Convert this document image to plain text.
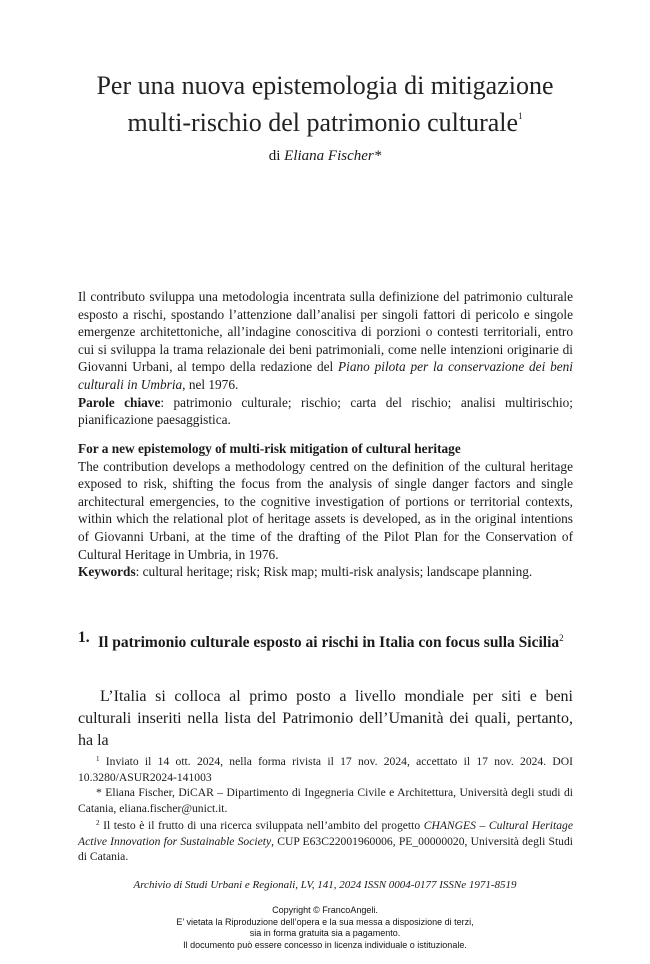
Per una nuova epistemologia di mitigazione
multi-rischio del patrimonio culturale$^1$
di Eliana Fischer*
Il contributo sviluppa una metodologia incentrata sulla definizione del patrimonio culturale esposto a rischi, spostando l’attenzione dall’analisi per singoli fattori di pericolo e singole emergenze architettoniche, all’indagine conoscitiva di porzioni o contesti territoriali, entro cui si sviluppa la trama relazionale dei beni patrimoniali, come nelle intenzioni originarie di Giovanni Urbani, al tempo della redazione del Piano pilota per la conservazione dei beni culturali in Umbria, nel 1976.
Parole chiave: patrimonio culturale; rischio; carta del rischio; analisi multirischio; pianificazione paesaggistica.
For a new epistemology of multi-risk mitigation of cultural heritage
The contribution develops a methodology centred on the definition of the cultural heritage exposed to risk, shifting the focus from the analysis of single danger factors and single architectural emergencies, to the cognitive investigation of portions or territorial contexts, within which the relational plot of heritage assets is developed, as in the original intentions of Giovanni Urbani, at the time of the drafting of the Pilot Plan for the Conservation of Cultural Heritage in Umbria, in 1976.
Keywords: cultural heritage; risk; Risk map; multi-risk analysis; landscape planning.
1. Il patrimonio culturale esposto ai rischi in Italia con focus sulla Sicilia$^2$
L’Italia si colloca al primo posto a livello mondiale per siti e beni culturali inseriti nella lista del Patrimonio dell’Umanità dei quali, pertanto, ha la

$^1$ Inviato il 14 ott. 2024, nella forma rivista il 17 nov. 2024, accettato il 17 nov. 2024. DOI 10.3280/ASUR2024-141003

* Eliana Fischer, DiCAR – Dipartimento di Ingegneria Civile e Architettura, Università degli studi di Catania, eliana.fischer@unict.it.

$^2$ Il testo è il frutto di una ricerca sviluppata nell’ambito del progetto CHANGES – Cultural Heritage Active Innovation for Sustainable Society, CUP E63C22001960006, PE_00000020, Università degli Studi di Catania.

Archivio di Studi Urbani e Regionali, LV, 141, 2024 ISSN 0004-0177 ISSNe 1971-8519
Copyright © FrancoAngeli.
E’ vietata la Riproduzione dell’opera e la sua messa a disposizione di terzi,
sia in forma gratuita sia a pagamento.
Il documento può essere concesso in licenza individuale o istituzionale.
